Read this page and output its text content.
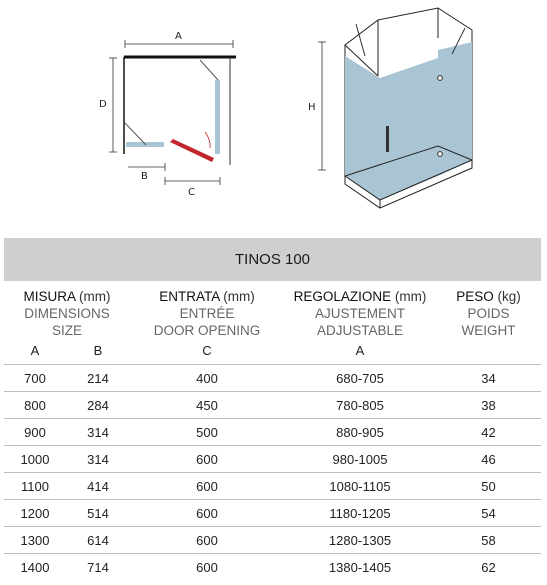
A
D
B
C
H
TINOS 100
MISURA (mm)
DIMENSIONS
SIZE
ENTRATA (mm)
ENTRÉE
DOOR OPENING
REGOLAZIONE (mm)
AJUSTEMENT
ADJUSTABLE
PESO (kg)
POIDS
WEIGHT
A	B	C	A
700	214	400	680-705	34
800	284	450	780-805	38
900	314	500	880-905	42
1000	314	600	980-1005	46
1100	414	600	1080-1105	50
1200	514	600	1180-1205	54
1300	614	600	1280-1305	58
1400	714	600	1380-1405	62
